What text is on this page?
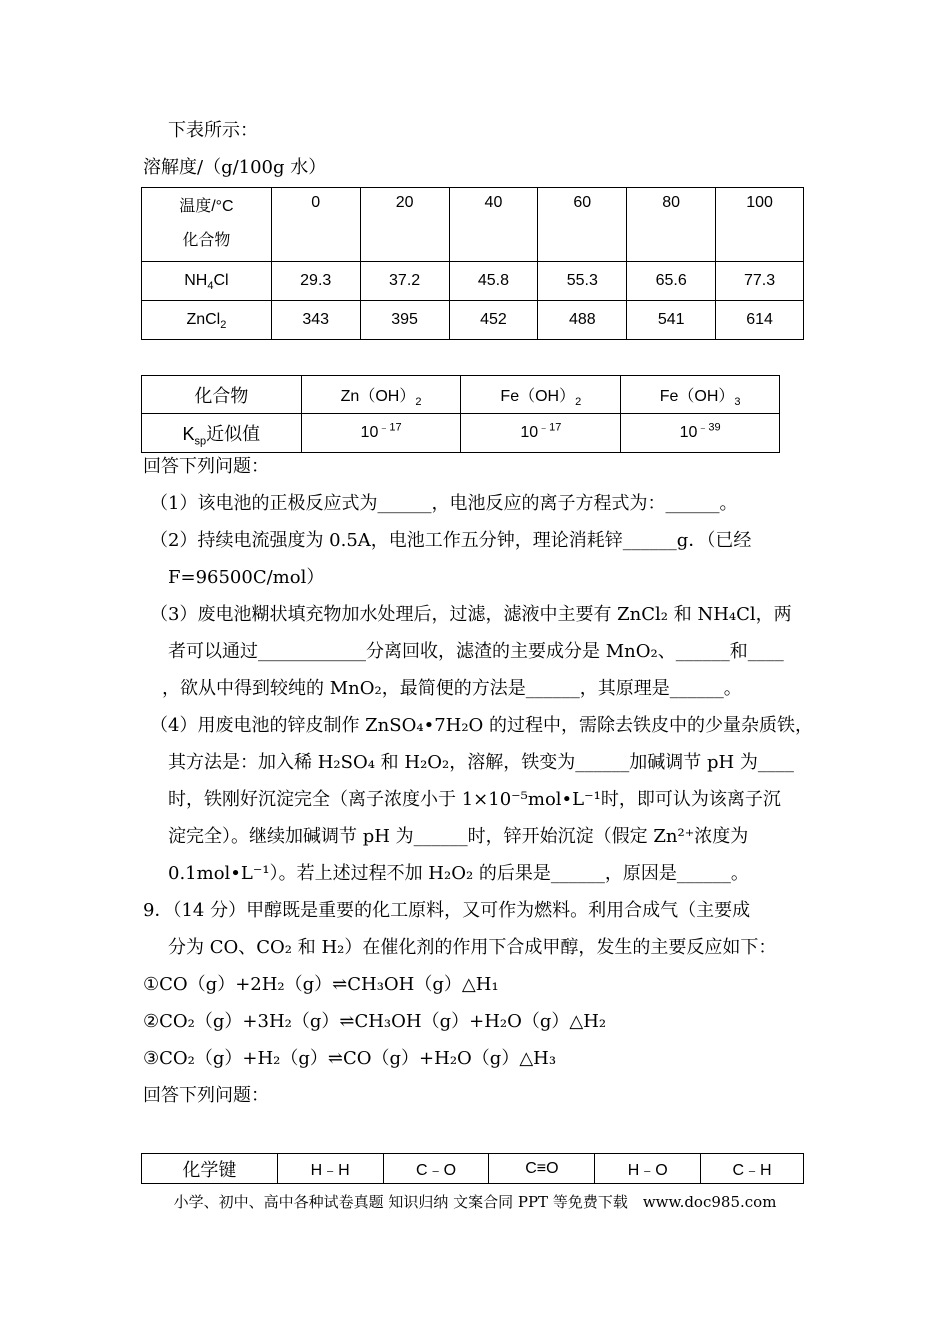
下表所示：
溶解度/（g/100g 水）
温度/°C
化合物	0	20	40	60	80	100
$NH_4Cl$	29.3	37.2	45.8	55.3	65.6	77.3
ZnCl$_2$	343	395	452	488	541	614
化合物	$Zn(OH)_2$	$Fe(OH)_2$	$Fe(OH)_3$
$K_{sp}$近似值	$10^{﹣17}$	$10^{﹣17}$	$10^{﹣39}$
回答下列问题：
（1）该电池的正极反应式为______，电池反应的离子方程式为：______。
（2）持续电流强度为 0.5A，电池工作五分钟，理论消耗锌______g．（已经
F=96500C/mol）
（3）废电池糊状填充物加水处理后，过滤，滤液中主要有 ZnCl₂ 和 NH₄Cl，两
者可以通过____________分离回收，滤渣的主要成分是 MnO₂、______和____
，欲从中得到较纯的 MnO₂，最简便的方法是______，其原理是______。
（4）用废电池的锌皮制作 ZnSO₄•7H₂O 的过程中，需除去铁皮中的少量杂质铁，
其方法是：加入稀 H₂SO₄ 和 H₂O₂，溶解，铁变为______加碱调节 pH 为____
时，铁刚好沉淀完全（离子浓度小于 1×10⁻⁵mol•L⁻¹时，即可认为该离子沉
淀完全）。继续加碱调节 pH 为______时，锌开始沉淀（假定 Zn²⁺浓度为
0.1mol•L⁻¹）。若上述过程不加 H₂O₂ 的后果是______，原因是______。
9．（14 分）甲醇既是重要的化工原料，又可作为燃料。利用合成气（主要成
分为 CO、CO₂ 和 H₂）在催化剂的作用下合成甲醇，发生的主要反应如下：
①CO（g）+2H₂（g）⇌CH₃OH（g）△H₁
②CO₂（g）+3H₂（g）⇌CH₃OH（g）+H₂O（g）△H₂
③CO₂（g）+H₂（g）⇌CO（g）+H₂O（g）△H₃
回答下列问题：
化学键	H﹣H	C﹣O	C≡O	H﹣O	C﹣H
小学、初中、高中各种试卷真题 知识归纳 文案合同 PPT 等免费下载　www.doc985.com
